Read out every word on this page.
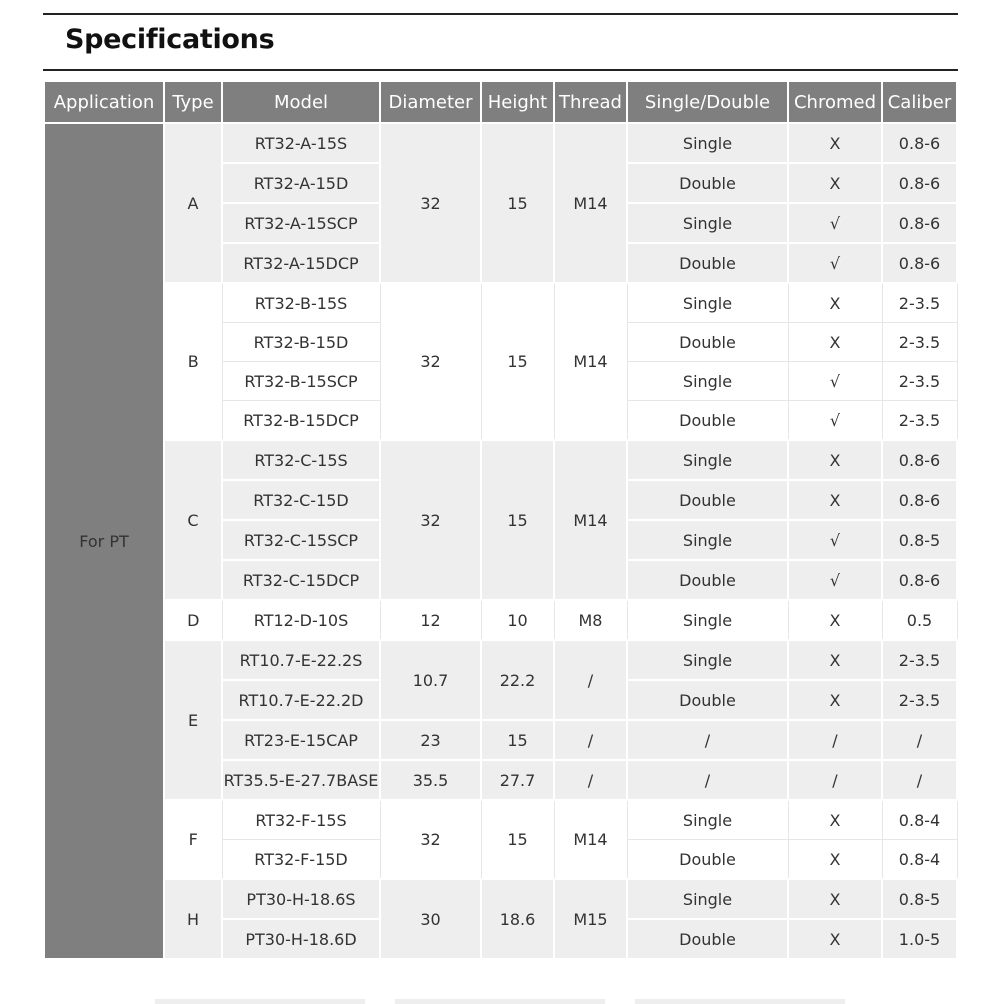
Specifications
Application	Type	Model	Diameter	Height	Thread	Single/Double	Chromed	Caliber
For PT	A	RT32-A-15S	32	15	M14	Single	X	0.8-6
		RT32-A-15D				Double	X	0.8-6
		RT32-A-15SCP				Single	√	0.8-6
		RT32-A-15DCP				Double	√	0.8-6
	B	RT32-B-15S	32	15	M14	Single	X	2-3.5
		RT32-B-15D				Double	X	2-3.5
		RT32-B-15SCP				Single	√	2-3.5
		RT32-B-15DCP				Double	√	2-3.5
	C	RT32-C-15S	32	15	M14	Single	X	0.8-6
		RT32-C-15D				Double	X	0.8-6
		RT32-C-15SCP				Single	√	0.8-5
		RT32-C-15DCP				Double	√	0.8-6
	D	RT12-D-10S	12	10	M8	Single	X	0.5
	E	RT10.7-E-22.2S	10.7	22.2	/	Single	X	2-3.5
		RT10.7-E-22.2D				Double	X	2-3.5
		RT23-E-15CAP	23	15	/	/	/	/
		RT35.5-E-27.7BASE	35.5	27.7	/	/	/	/
	F	RT32-F-15S	32	15	M14	Single	X	0.8-4
		RT32-F-15D				Double	X	0.8-4
	H	PT30-H-18.6S	30	18.6	M15	Single	X	0.8-5
		PT30-H-18.6D				Double	X	1.0-5
